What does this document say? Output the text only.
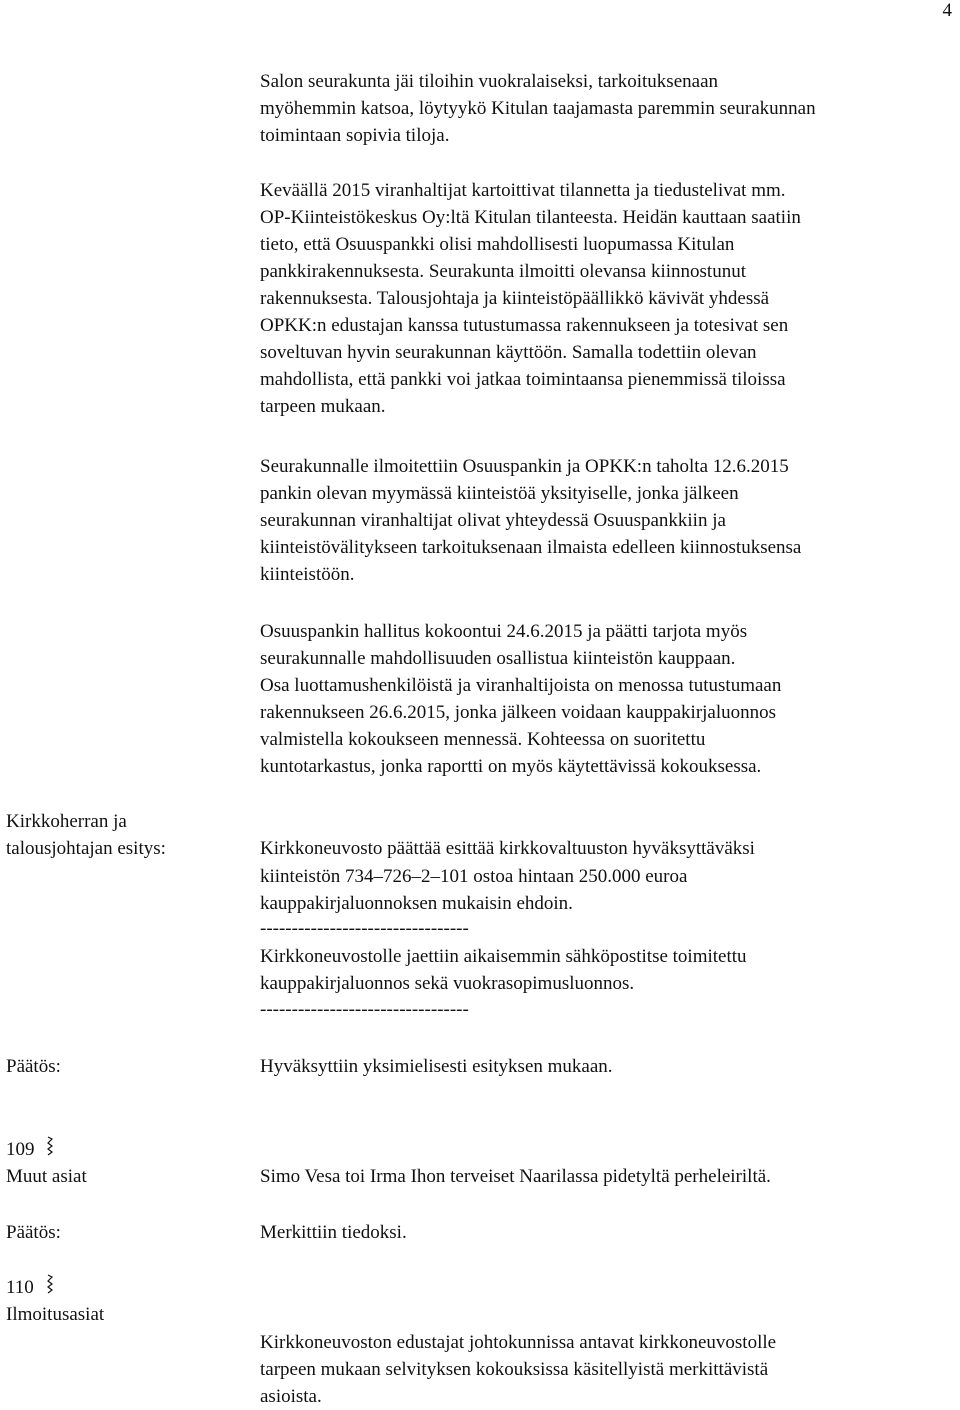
4
Salon seurakunta jäi tiloihin vuokralaiseksi, tarkoituksenaan
myöhemmin katsoa, löytyykö Kitulan taajamasta paremmin seurakunnan
toimintaan sopivia tiloja.
Keväällä 2015 viranhaltijat kartoittivat tilannetta ja tiedustelivat mm.
OP-Kiinteistökeskus Oy:ltä Kitulan tilanteesta. Heidän kauttaan saatiin
tieto, että Osuuspankki olisi mahdollisesti luopumassa Kitulan
pankkirakennuksesta. Seurakunta ilmoitti olevansa kiinnostunut
rakennuksesta. Talousjohtaja ja kiinteistöpäällikkö kävivät yhdessä
OPKK:n edustajan kanssa tutustumassa rakennukseen ja totesivat sen
soveltuvan hyvin seurakunnan käyttöön. Samalla todettiin olevan
mahdollista, että pankki voi jatkaa toimintaansa pienemmissä tiloissa
tarpeen mukaan.
Seurakunnalle ilmoitettiin Osuuspankin ja OPKK:n taholta 12.6.2015
pankin olevan myymässä kiinteistöä yksityiselle, jonka jälkeen
seurakunnan viranhaltijat olivat yhteydessä Osuuspankkiin ja
kiinteistövälitykseen tarkoituksenaan ilmaista edelleen kiinnostuksensa
kiinteistöön.
Osuuspankin hallitus kokoontui 24.6.2015 ja päätti tarjota myös
seurakunnalle mahdollisuuden osallistua kiinteistön kauppaan.
Osa luottamushenkilöistä ja viranhaltijoista on menossa tutustumaan
rakennukseen 26.6.2015, jonka jälkeen voidaan kauppakirjaluonnos
valmistella kokoukseen mennessä. Kohteessa on suoritettu
kuntotarkastus, jonka raportti on myös käytettävissä kokouksessa.
Kirkkoherran ja
talousjohtajan esitys:	Kirkkoneuvosto päättää esittää kirkkovaltuuston hyväksyttäväksi
kiinteistön 734–726–2–101 ostoa hintaan 250.000 euroa
kauppakirjaluonnoksen mukaisin ehdoin.
---------------------------------
Kirkkoneuvostolle jaettiin aikaisemmin sähköpostitse toimitettu
kauppakirjaluonnos sekä vuokrasopimusluonnos.
---------------------------------
Päätös:	Hyväksyttiin yksimielisesti esityksen mukaan.
109
Muut asiat	Simo Vesa toi Irma Ihon terveiset Naarilassa pidetyltä perheleiriltä.
Päätös:	Merkittiin tiedoksi.
110
Ilmoitusasiat
Kirkkoneuvoston edustajat johtokunnissa antavat kirkkoneuvostolle
tarpeen mukaan selvityksen kokouksissa käsitellyistä merkittävistä
asioista.
